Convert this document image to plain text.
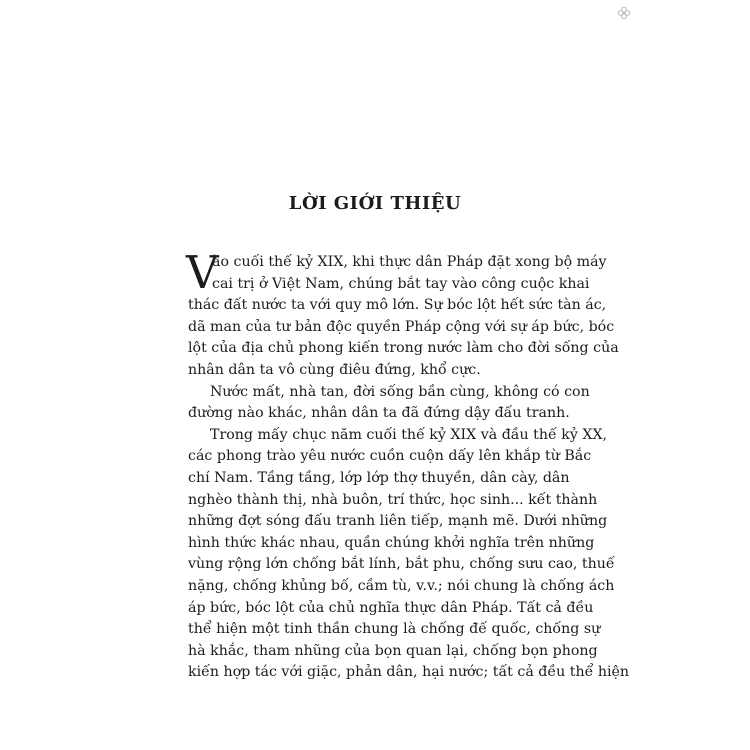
LỜI GIỚI THIỆU
V
ào cuối thế kỷ XIX, khi thực dân Pháp đặt xong bộ máy
cai trị ở Việt Nam, chúng bắt tay vào công cuộc khai
thác đất nước ta với quy mô lớn. Sự bóc lột hết sức tàn ác,
dã man của tư bản độc quyền Pháp cộng với sự áp bức, bóc
lột của địa chủ phong kiến trong nước làm cho đời sống của
nhân dân ta vô cùng điêu đứng, khổ cực.
Nước mất, nhà tan, đời sống bần cùng, không có con
đường nào khác, nhân dân ta đã đứng dậy đấu tranh.
Trong mấy chục năm cuối thế kỷ XIX và đầu thế kỷ XX,
các phong trào yêu nước cuồn cuộn dấy lên khắp từ Bắc
chí Nam. Tầng tầng, lớp lớp thợ thuyền, dân cày, dân
nghèo thành thị, nhà buôn, trí thức, học sinh... kết thành
những đợt sóng đấu tranh liên tiếp, mạnh mẽ. Dưới những
hình thức khác nhau, quần chúng khởi nghĩa trên những
vùng rộng lớn chống bắt lính, bắt phu, chống sưu cao, thuế
nặng, chống khủng bố, cầm tù, v.v.; nói chung là chống ách
áp bức, bóc lột của chủ nghĩa thực dân Pháp. Tất cả đều
thể hiện một tinh thần chung là chống đế quốc, chống sự
hà khắc, tham nhũng của bọn quan lại, chống bọn phong
kiến hợp tác với giặc, phản dân, hại nước; tất cả đều thể hiện
